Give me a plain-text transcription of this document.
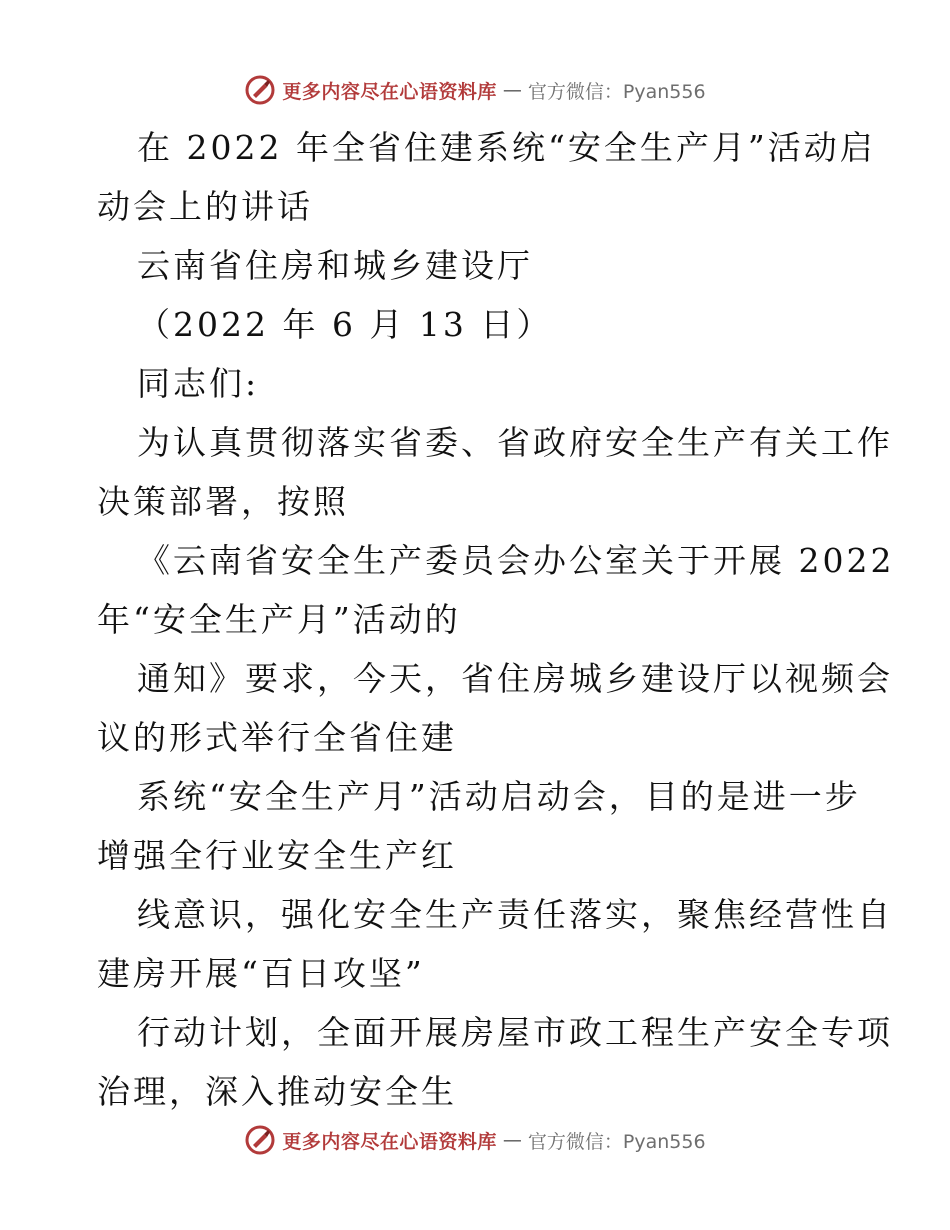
更多内容尽在心语资料库 — 官方微信：Pyan556

在 2022 年全省住建系统“安全生产月”活动启

动会上的讲话

云南省住房和城乡建设厅

（2022 年 6 月 13 日）

同志们:

为认真贯彻落实省委、省政府安全生产有关工作

决策部署，按照

《云南省安全生产委员会办公室关于开展 2022

年“安全生产月”活动的

通知》要求，今天，省住房城乡建设厅以视频会

议的形式举行全省住建

系统“安全生产月”活动启动会，目的是进一步

增强全行业安全生产红

线意识，强化安全生产责任落实，聚焦经营性自

建房开展“百日攻坚”

行动计划，全面开展房屋市政工程生产安全专项

治理，深入推动安全生

更多内容尽在心语资料库 — 官方微信：Pyan556
